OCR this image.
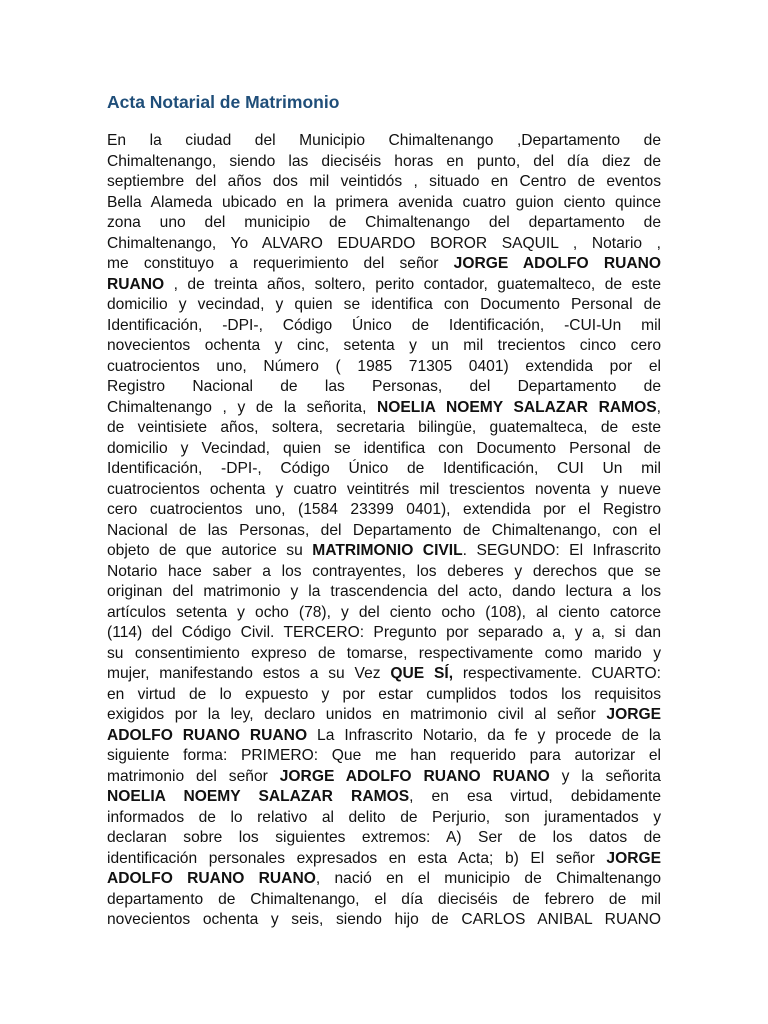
Acta Notarial de Matrimonio
En la ciudad del Municipio Chimaltenango ,Departamento de
Chimaltenango, siendo las dieciséis horas en punto, del día diez de
septiembre del años dos mil veintidós , situado en Centro de eventos
Bella Alameda ubicado en la primera avenida cuatro guion ciento quince
zona uno del municipio de Chimaltenango del departamento de
Chimaltenango, Yo ALVARO EDUARDO BOROR SAQUIL , Notario ,
me constituyo a requerimiento del señor JORGE ADOLFO RUANO
RUANO , de treinta años, soltero, perito contador, guatemalteco, de este
domicilio y vecindad, y quien se identifica con Documento Personal de
Identificación, -DPI-, Código Único de Identificación, -CUI-Un mil
novecientos ochenta y cinc, setenta y un mil trecientos cinco cero
cuatrocientos uno, Número ( 1985 71305 0401) extendida por el
Registro Nacional de las Personas, del Departamento de
Chimaltenango , y de la señorita, NOELIA NOEMY SALAZAR RAMOS,
de veintisiete años, soltera, secretaria bilingüe, guatemalteca, de este
domicilio y Vecindad, quien se identifica con Documento Personal de
Identificación, -DPI-, Código Único de Identificación, CUI Un mil
cuatrocientos ochenta y cuatro veintitrés mil trescientos noventa y nueve
cero cuatrocientos uno, (1584 23399 0401), extendida por el Registro
Nacional de las Personas, del Departamento de Chimaltenango, con el
objeto de que autorice su MATRIMONIO CIVIL. SEGUNDO: El Infrascrito
Notario hace saber a los contrayentes, los deberes y derechos que se
originan del matrimonio y la trascendencia del acto, dando lectura a los
artículos setenta y ocho (78), y del ciento ocho (108), al ciento catorce
(114) del Código Civil. TERCERO: Pregunto por separado a, y a, si dan
su consentimiento expreso de tomarse, respectivamente como marido y
mujer, manifestando estos a su Vez QUE SÍ, respectivamente. CUARTO:
en virtud de lo expuesto y por estar cumplidos todos los requisitos
exigidos por la ley, declaro unidos en matrimonio civil al señor JORGE
ADOLFO RUANO RUANO La Infrascrito Notario, da fe y procede de la
siguiente forma: PRIMERO: Que me han requerido para autorizar el
matrimonio del señor JORGE ADOLFO RUANO RUANO y la señorita
NOELIA NOEMY SALAZAR RAMOS, en esa virtud, debidamente
informados de lo relativo al delito de Perjurio, son juramentados y
declaran sobre los siguientes extremos: A) Ser de los datos de
identificación personales expresados en esta Acta; b) El señor JORGE
ADOLFO RUANO RUANO, nació en el municipio de Chimaltenango
departamento de Chimaltenango, el día dieciséis de febrero de mil
novecientos ochenta y seis, siendo hijo de CARLOS ANIBAL RUANO
